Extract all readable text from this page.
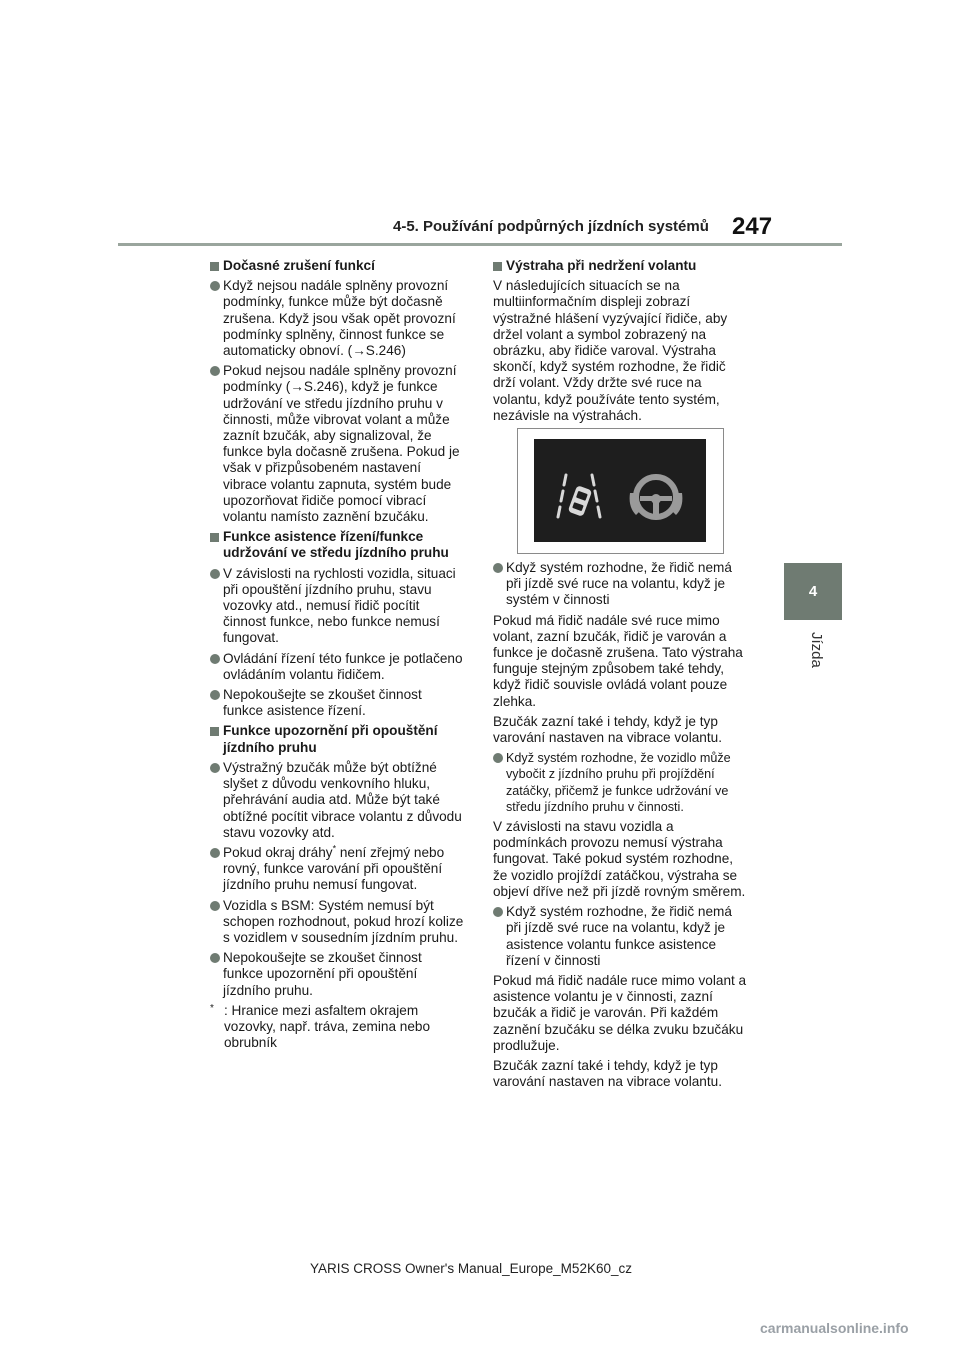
4-5. Používání podpůrných jízdních systémů 247
4
Jízda
Dočasné zrušení funkcí
Když nejsou nadále splněny provozní podmínky, funkce může být dočasně zrušena. Když jsou však opět provozní podmínky splněny, činnost funkce se automaticky obnoví. (→S.246)
Pokud nejsou nadále splněny provozní podmínky (→S.246), když je funkce udržování ve středu jízdního pruhu v činnosti, může vibrovat volant a může zaznít bzučák, aby signalizoval, že funkce byla dočasně zrušena. Pokud je však v přizpůsobeném nastavení vibrace volantu zapnuta, systém bude upozorňovat řidiče pomocí vibrací volantu namísto zaznění bzučáku.
Funkce asistence řízení/funkce udržování ve středu jízdního pruhu
V závislosti na rychlosti vozidla, situaci při opouštění jízdního pruhu, stavu vozovky atd., nemusí řidič pocítit činnost funkce, nebo funkce nemusí fungovat.
Ovládání řízení této funkce je potlačeno ovládáním volantu řidičem.
Nepokoušejte se zkoušet činnost funkce asistence řízení.
Funkce upozornění při opouštění jízdního pruhu
Výstražný bzučák může být obtížné slyšet z důvodu venkovního hluku, přehrávání audia atd. Může být také obtížné pocítit vibrace volantu z důvodu stavu vozovky atd.
Pokud okraj dráhy* není zřejmý nebo rovný, funkce varování při opouštění jízdního pruhu nemusí fungovat.
Vozidla s BSM: Systém nemusí být schopen rozhodnout, pokud hrozí kolize s vozidlem v sousedním jízdním pruhu.
Nepokoušejte se zkoušet činnost funkce upozornění při opouštění jízdního pruhu.
* : Hranice mezi asfaltem okrajem vozovky, např. tráva, zemina nebo obrubník
Výstraha při nedržení volantu
V následujících situacích se na multiinformačním displeji zobrazí výstražné hlášení vyzývající řidiče, aby držel volant a symbol zobrazený na obrázku, aby řidiče varoval. Výstraha skončí, když systém rozhodne, že řidič drží volant. Vždy držte své ruce na volantu, když používáte tento systém, nezávisle na výstrahách.
Když systém rozhodne, že řidič nemá při jízdě své ruce na volantu, když je systém v činnosti
Pokud má řidič nadále své ruce mimo volant, zazní bzučák, řidič je varován a funkce je dočasně zrušena. Tato výstraha funguje stejným způsobem také tehdy, když řidič souvisle ovládá volant pouze zlehka.
Bzučák zazní také i tehdy, když je typ varování nastaven na vibrace volantu.
Když systém rozhodne, že vozidlo může vybočit z jízdního pruhu při projíždění zatáčky, přičemž je funkce udržování ve středu jízdního pruhu v činnosti.
V závislosti na stavu vozidla a podmínkách provozu nemusí výstraha fungovat. Také pokud systém rozhodne, že vozidlo projíždí zatáčkou, výstraha se objeví dříve než při jízdě rovným směrem.
Když systém rozhodne, že řidič nemá při jízdě své ruce na volantu, když je asistence volantu funkce asistence řízení v činnosti
Pokud má řidič nadále ruce mimo volant a asistence volantu je v činnosti, zazní bzučák a řidič je varován. Při každém zaznění bzučáku se délka zvuku bzučáku prodlužuje.
Bzučák zazní také i tehdy, když je typ varování nastaven na vibrace volantu.
YARIS CROSS Owner's Manual_Europe_M52K60_cz
carmanualsonline.info
